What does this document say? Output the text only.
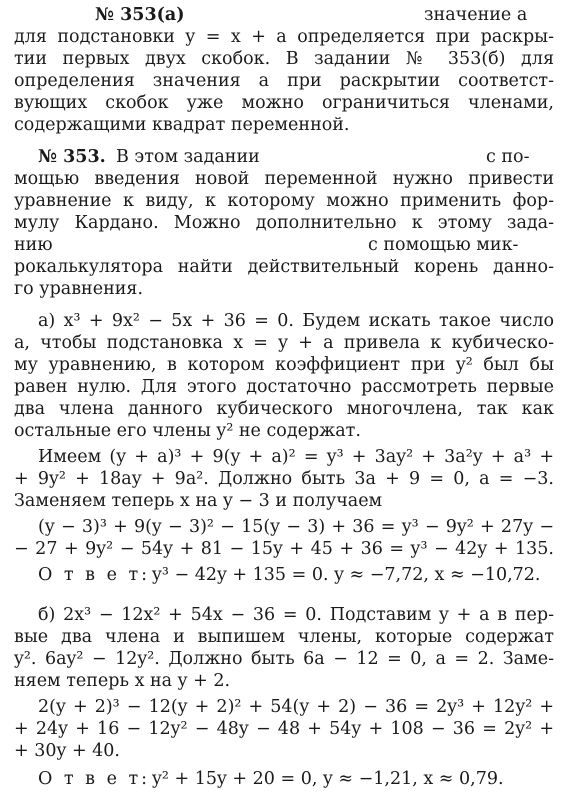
№ 353(а)	значение a
для подстановки y = x + a определяется при раскры-
тии первых двух скобок. В задании № 353(б) для
определения значения a при раскрытии соответст-
вующих скобок уже можно ограничиться членами,
содержащими квадрат переменной.
№ 353. В этом задании	с по-
мощью введения новой переменной нужно привести
уравнение к виду, к которому можно применить фор-
мулу Кардано. Можно дополнительно к этому зада-
нию	с помощью мик-
рокалькулятора найти действительный корень данно-
го уравнения.
а) x³ + 9x² − 5x + 36 = 0. Будем искать такое число
a, чтобы подстановка x = y + a привела к кубическо-
му уравнению, в котором коэффициент при y² был бы
равен нулю. Для этого достаточно рассмотреть первые
два члена данного кубического многочлена, так как
остальные его члены y² не содержат.
Имеем (y + a)³ + 9(y + a)² = y³ + 3ay² + 3a²y + a³ +
+ 9y² + 18ay + 9a². Должно быть 3a + 9 = 0, a = −3.
Заменяем теперь x на y − 3 и получаем
(y − 3)³ + 9(y − 3)² − 15(y − 3) + 36 = y³ − 9y² + 27y −
− 27 + 9y² − 54y + 81 − 15y + 45 + 36 = y³ − 42y + 135.
О т в е т: y³ − 42y + 135 = 0. y ≈ −7,72, x ≈ −10,72.
б) 2x³ − 12x² + 54x − 36 = 0. Подставим y + a в пер-
вые два члена и выпишем члены, которые содержат
y². 6ay² − 12y². Должно быть 6a − 12 = 0, a = 2. Заме-
няем теперь x на y + 2.
2(y + 2)³ − 12(y + 2)² + 54(y + 2) − 36 = 2y³ + 12y² +
+ 24y + 16 − 12y² − 48y − 48 + 54y + 108 − 36 = 2y² +
+ 30y + 40.
О т в е т: y² + 15y + 20 = 0, y ≈ −1,21, x ≈ 0,79.
